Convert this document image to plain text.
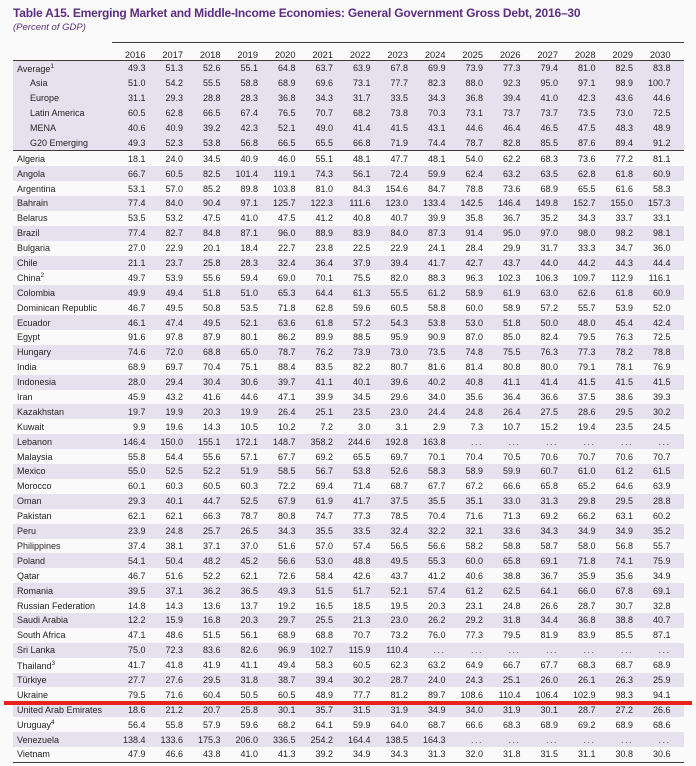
Table A15. Emerging Market and Middle-Income Economies: General Government Gross Debt, 2016–30
(Percent of GDP)
	2016	2017	2018	2019	2020	2021	2022	2023	2024	2025	2026	2027	2028	2029	2030	
Average$^1$	49.3	51.3	52.6	55.1	64.8	63.7	63.9	67.8	69.9	73.9	77.3	79.4	81.0	82.5	83.8	
Asia	51.0	54.2	55.5	58.8	68.9	69.6	73.1	77.7	82.3	88.0	92.3	95.0	97.1	98.9	100.7	
Europe	31.1	29.3	28.8	28.3	36.8	34.3	31.7	33.5	34.3	36.8	39.4	41.0	42.3	43.6	44.6	
Latin America	60.5	62.8	66.5	67.4	76.5	70.7	68.2	73.8	70.3	73.1	73.7	73.7	73.5	73.0	72.5	
MENA	40.6	40.9	39.2	42.3	52.1	49.0	41.4	41.5	43.1	44.6	46.4	46.5	47.5	48.3	48.9	
G20 Emerging	49.3	52.3	53.8	56.8	66.5	65.5	66.8	71.9	74.4	78.7	82.8	85.5	87.6	89.4	91.2	
Algeria	18.1	24.0	34.5	40.9	46.0	55.1	48.1	47.7	48.1	54.0	62.2	68.3	73.6	77.2	81.1	
Angola	66.7	60.5	82.5	101.4	119.1	74.3	56.1	72.4	59.9	62.4	63.2	63.5	62.8	61.8	60.9	
Argentina	53.1	57.0	85.2	89.8	103.8	81.0	84.3	154.6	84.7	78.8	73.6	68.9	65.5	61.6	58.3	
Bahrain	77.4	84.0	90.4	97.1	125.7	122.3	111.6	123.0	133.4	142.5	146.4	149.8	152.7	155.0	157.3	
Belarus	53.5	53.2	47.5	41.0	47.5	41.2	40.8	40.7	39.9	35.8	36.7	35.2	34.3	33.7	33.1	
Brazil	77.4	82.7	84.8	87.1	96.0	88.9	83.9	84.0	87.3	91.4	95.0	97.0	98.0	98.2	98.1	
Bulgaria	27.0	22.9	20.1	18.4	22.7	23.8	22.5	22.9	24.1	28.4	29.9	31.7	33.3	34.7	36.0	
Chile	21.1	23.7	25.8	28.3	32.4	36.4	37.9	39.4	41.7	42.7	43.7	44.0	44.2	44.3	44.4	
China$^2$	49.7	53.9	55.6	59.4	69.0	70.1	75.5	82.0	88.3	96.3	102.3	106.3	109.7	112.9	116.1	
Colombia	49.9	49.4	51.8	51.0	65.3	64.4	61.3	55.5	61.2	58.9	61.9	63.0	62.6	61.8	60.9	
Dominican Republic	46.7	49.5	50.8	53.5	71.8	62.8	59.6	60.5	58.8	60.0	58.9	57.2	55.7	53.9	52.0	
Ecuador	46.1	47.4	49.5	52.1	63.6	61.8	57.2	54.3	53.8	53.0	51.8	50.0	48.0	45.4	42.4	
Egypt	91.6	97.8	87.9	80.1	86.2	89.9	88.5	95.9	90.9	87.0	85.0	82.4	79.5	76.3	72.5	
Hungary	74.6	72.0	68.8	65.0	78.7	76.2	73.9	73.0	73.5	74.8	75.5	76.3	77.3	78.2	78.8	
India	68.9	69.7	70.4	75.1	88.4	83.5	82.2	80.7	81.6	81.4	80.8	80.0	79.1	78.1	76.9	
Indonesia	28.0	29.4	30.4	30.6	39.7	41.1	40.1	39.6	40.2	40.8	41.1	41.4	41.5	41.5	41.5	
Iran	45.9	43.2	41.6	44.6	47.1	39.9	34.5	29.6	34.0	35.6	36.4	36.6	37.5	38.6	39.3	
Kazakhstan	19.7	19.9	20.3	19.9	26.4	25.1	23.5	23.0	24.4	24.8	26.4	27.5	28.6	29.5	30.2	
Kuwait	9.9	19.6	14.3	10.5	10.2	7.2	3.0	3.1	2.9	7.3	10.7	15.2	19.4	23.5	24.5	
Lebanon	146.4	150.0	155.1	172.1	148.7	358.2	244.6	192.8	163.8	...	...	...	...	...	...	
Malaysia	55.8	54.4	55.6	57.1	67.7	69.2	65.5	69.7	70.1	70.4	70.5	70.6	70.7	70.6	70.7	
Mexico	55.0	52.5	52.2	51.9	58.5	56.7	53.8	52.6	58.3	58.9	59.9	60.7	61.0	61.2	61.5	
Morocco	60.1	60.3	60.5	60.3	72.2	69.4	71.4	68.7	67.7	67.2	66.6	65.8	65.2	64.6	63.9	
Oman	29.3	40.1	44.7	52.5	67.9	61.9	41.7	37.5	35.5	35.1	33.0	31.3	29.8	29.5	28.8	
Pakistan	62.1	62.1	66.3	78.7	80.8	74.7	77.3	78.5	70.4	71.6	71.3	69.2	66.2	63.1	60.2	
Peru	23.9	24.8	25.7	26.5	34.3	35.5	33.5	32.4	32.2	32.1	33.6	34.3	34.9	34.9	35.2	
Philippines	37.4	38.1	37.1	37.0	51.6	57.0	57.4	56.5	56.6	58.2	58.8	58.7	58.0	56.8	55.7	
Poland	54.1	50.4	48.2	45.2	56.6	53.0	48.8	49.5	55.3	60.0	65.8	69.1	71.8	74.1	75.9	
Qatar	46.7	51.6	52.2	62.1	72.6	58.4	42.6	43.7	41.2	40.6	38.8	36.7	35.9	35.6	34.9	
Romania	39.5	37.1	36.2	36.5	49.3	51.5	51.7	52.1	57.4	61.2	62.5	64.1	66.0	67.8	69.1	
Russian Federation	14.8	14.3	13.6	13.7	19.2	16.5	18.5	19.5	20.3	23.1	24.8	26.6	28.7	30.7	32.8	
Saudi Arabia	12.2	15.9	16.8	20.3	29.7	25.5	21.3	23.0	26.2	29.2	31.8	34.4	36.8	38.8	40.7	
South Africa	47.1	48.6	51.5	56.1	68.9	68.8	70.7	73.2	76.0	77.3	79.5	81.9	83.9	85.5	87.1	
Sri Lanka	75.0	72.3	83.6	82.6	96.9	102.7	115.9	110.4	...	...	...	...	...	...	...	
Thailand$^3$	41.7	41.8	41.9	41.1	49.4	58.3	60.5	62.3	63.2	64.9	66.7	67.7	68.3	68.7	68.9	
Türkiye	27.7	27.6	29.5	31.8	38.7	39.4	30.2	28.7	24.0	24.3	25.1	26.0	26.1	26.3	25.9	
Ukraine	79.5	71.6	60.4	50.5	60.5	48.9	77.7	81.2	89.7	108.6	110.4	106.4	102.9	98.3	94.1	
United Arab Emirates	18.6	21.2	20.7	25.8	30.1	35.7	31.5	31.9	34.9	34.0	31.9	30.1	28.7	27.2	26.6	
Uruguay$^4$	56.4	55.8	57.9	59.6	68.2	64.1	59.9	64.0	68.7	66.6	68.3	68.9	69.2	68.9	68.6	
Venezuela	138.4	133.6	175.3	206.0	336.5	254.2	164.4	138.5	164.3	...	...	...	...	...	...	
Vietnam	47.9	46.6	43.8	41.0	41.3	39.2	34.9	34.3	31.3	32.0	31.8	31.5	31.1	30.8	30.6	
